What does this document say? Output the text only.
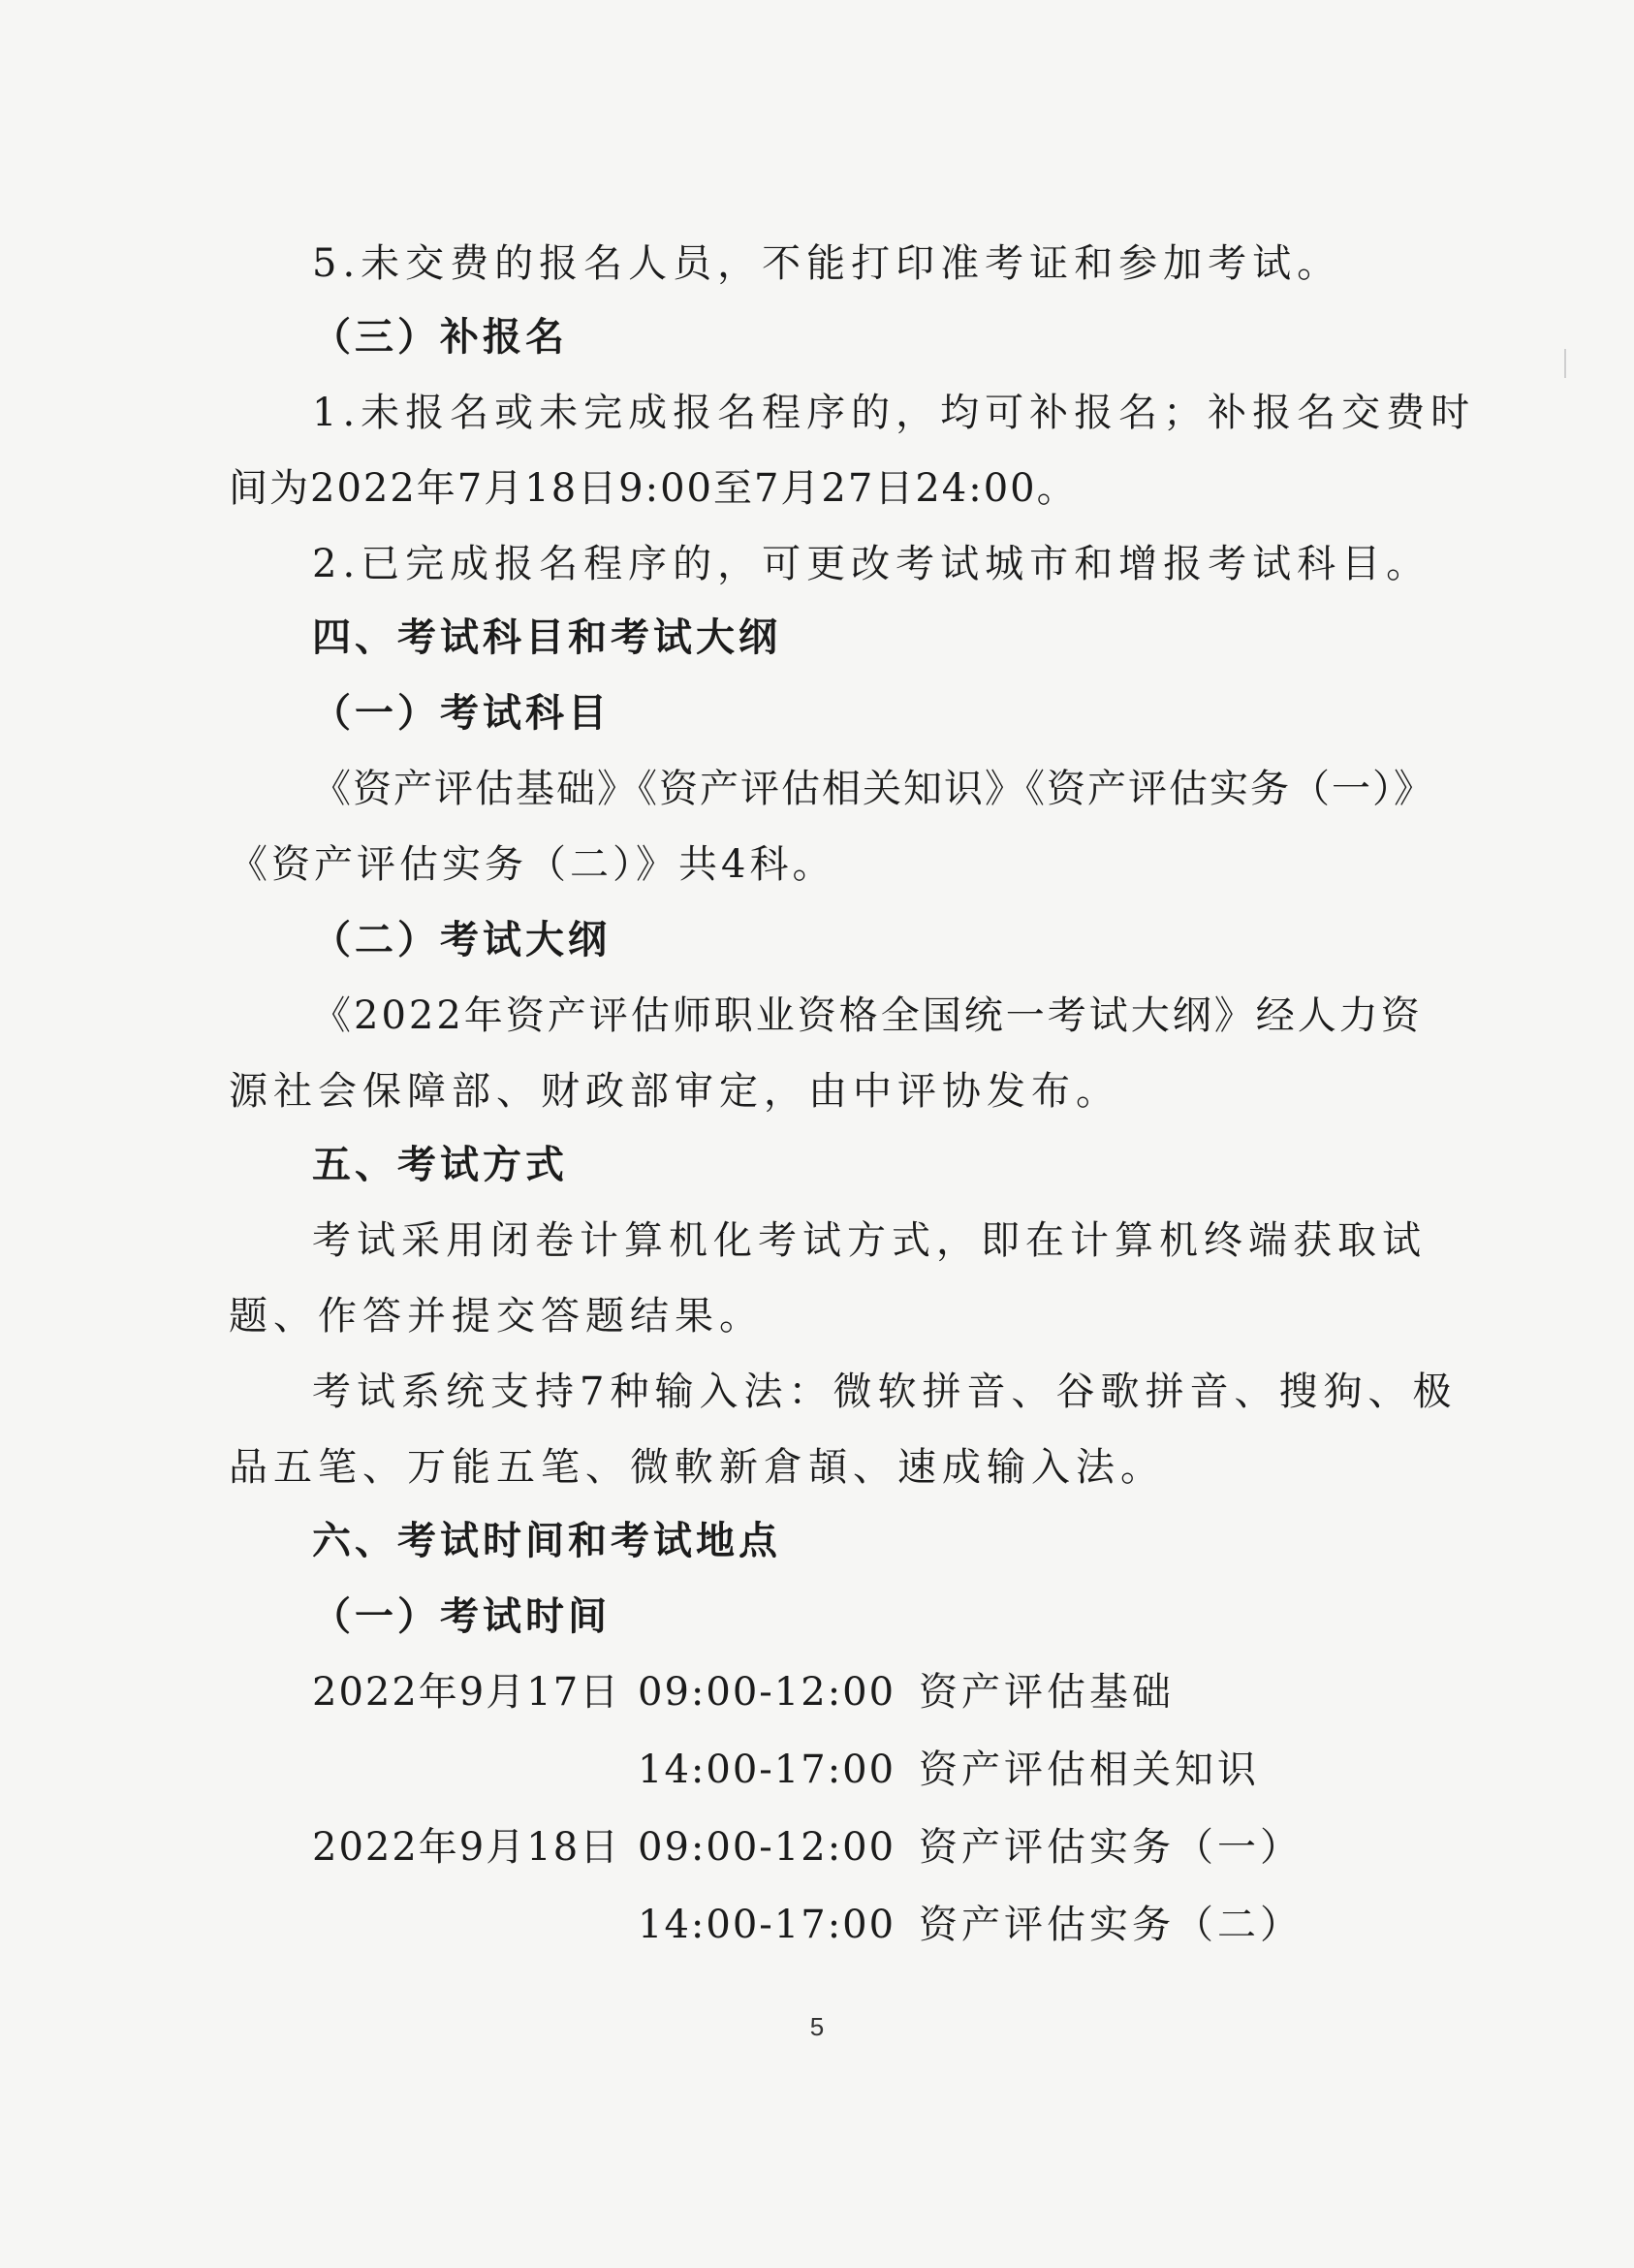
5.未交费的报名人员，不能打印准考证和参加考试。
（三）补报名
1.未报名或未完成报名程序的，均可补报名；补报名交费时
间为2022年7月18日9:00至7月27日24:00。
2.已完成报名程序的，可更改考试城市和增报考试科目。
四、考试科目和考试大纲
（一）考试科目
《资产评估基础》《资产评估相关知识》《资产评估实务（一）》
《资产评估实务（二）》共4科。
（二）考试大纲
《2022年资产评估师职业资格全国统一考试大纲》经人力资
源社会保障部、财政部审定，由中评协发布。
五、考试方式
考试采用闭卷计算机化考试方式，即在计算机终端获取试
题、作答并提交答题结果。
考试系统支持7种输入法：微软拼音、谷歌拼音、搜狗、极
品五笔、万能五笔、微軟新倉頡、速成输入法。
六、考试时间和考试地点
（一）考试时间
2022年9月17日 09:00-12:00 资产评估基础
14:00-17:00 资产评估相关知识
2022年9月18日 09:00-12:00 资产评估实务（一）
14:00-17:00 资产评估实务（二）
5
